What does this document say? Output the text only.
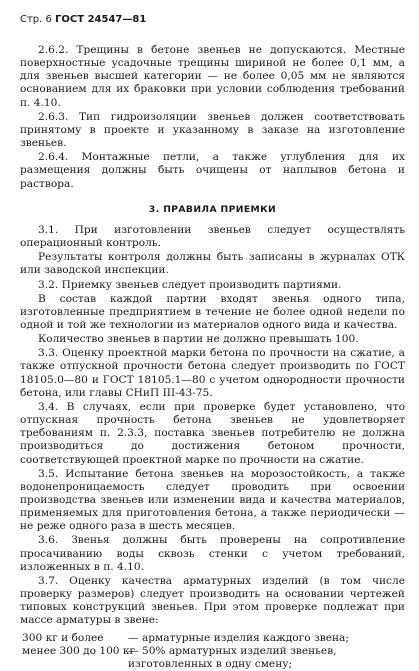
Стр. 6 ГОСТ 24547—81

2.6.2. Трещины в бетоне звеньев не допускаются. Местные поверхностные усадочные трещины шириной не более 0,1 мм, а для звеньев высшей категории — не более 0,05 мм не являются основанием для их браковки при условии соблюдения требований п. 4.10.

2.6.3. Тип гидроизоляции звеньев должен соответствовать принятому в проекте и указанному в заказе на изготовление звеньев.

2.6.4. Монтажные петли, а также углубления для их размещения должны быть очищены от наплывов бетона и раствора.

3. ПРАВИЛА ПРИЕМКИ

3.1. При изготовлении звеньев следует осуществлять операционный контроль.

Результаты контроля должны быть записаны в журналах ОТК или заводской инспекции.

3.2. Приемку звеньев следует производить партиями.

В состав каждой партии входят звенья одного типа, изготовленные предприятием в течение не более одной недели по одной и той же технологии из материалов одного вида и качества.

Количество звеньев в партии не должно превышать 100.

3.3. Оценку проектной марки бетона по прочности на сжатие, а также отпускной прочности бетона следует производить по ГОСТ 18105.0—80 и ГОСТ 18105.1—80 с учетом однородности прочности бетона, или главы СНиП III-43-75.

3.4. В случаях, если при проверке будет установлено, что отпускная прочность бетона звеньев не удовлетворяет требованиям п. 2.3.3, поставка звеньев потребителю не должна производиться до достижения бетоном прочности, соответствующей проектной марке по прочности на сжатие.

3.5. Испытание бетона звеньев на морозостойкость, а также водонепроницаемость следует проводить при освоении производства звеньев или изменении вида и качества материалов, применяемых для приготовления бетона, а также периодически — не реже одного раза в шесть месяцев.

3.6. Звенья должны быть проверены на сопротивление просачиванию воды сквозь стенки с учетом требований, изложенных в п. 4.10.

3.7. Оценку качества арматурных изделий (в том числе проверку размеров) следует производить на основании чертежей типовых конструкций звеньев. При этом проверке подлежат при массе арматуры в звене:

300 кг и более	— арматурные изделия каждого звена;
менее 300 до 100 кг
— 50% арматурных изделий звеньев, изготовленных в одну смену;
